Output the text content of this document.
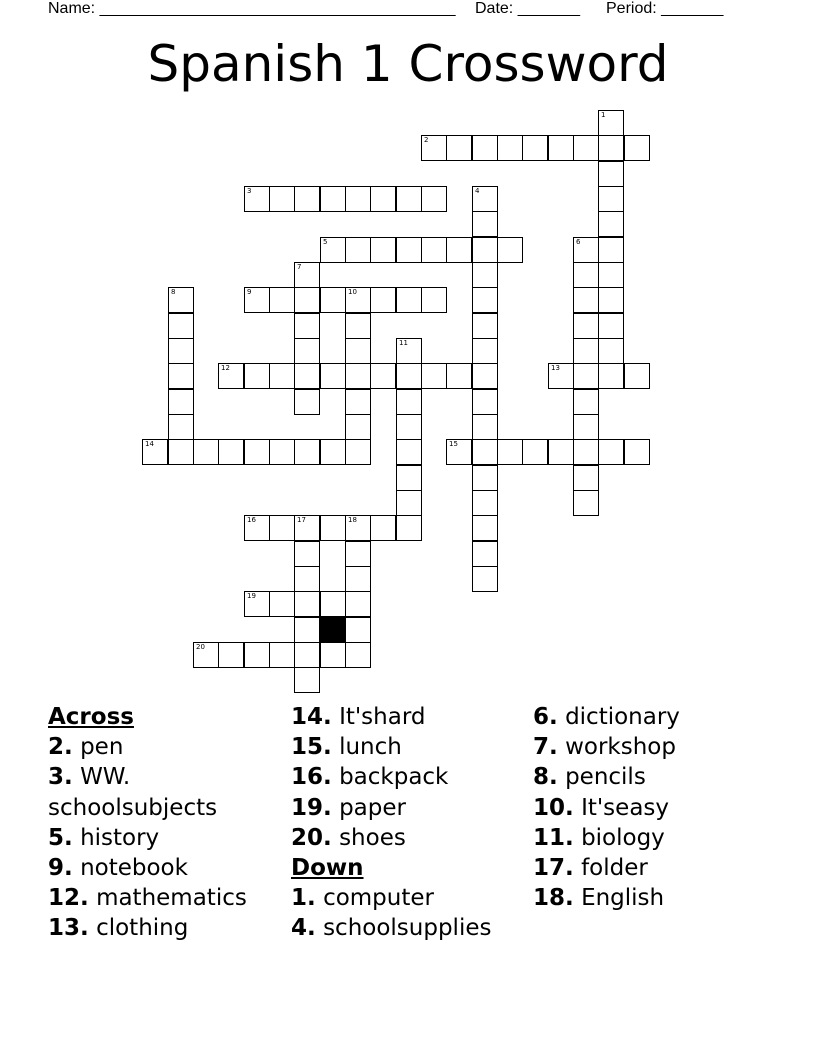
Name: ________________________________________ Date: _______ Period: _______
Spanish 1 Crossword
1
2
3	4
5	6
7
8	9	10
11
12	13
14	15
16	17	18
19
20
Across
2. pen
3. WW. schoolsubjects
5. history
9. notebook
12. mathematics
13. clothing
14. It'shard
15. lunch
16. backpack
19. paper
20. shoes
Down
1. computer
4. schoolsupplies
6. dictionary
7. workshop
8. pencils
10. It'seasy
11. biology
17. folder
18. English
